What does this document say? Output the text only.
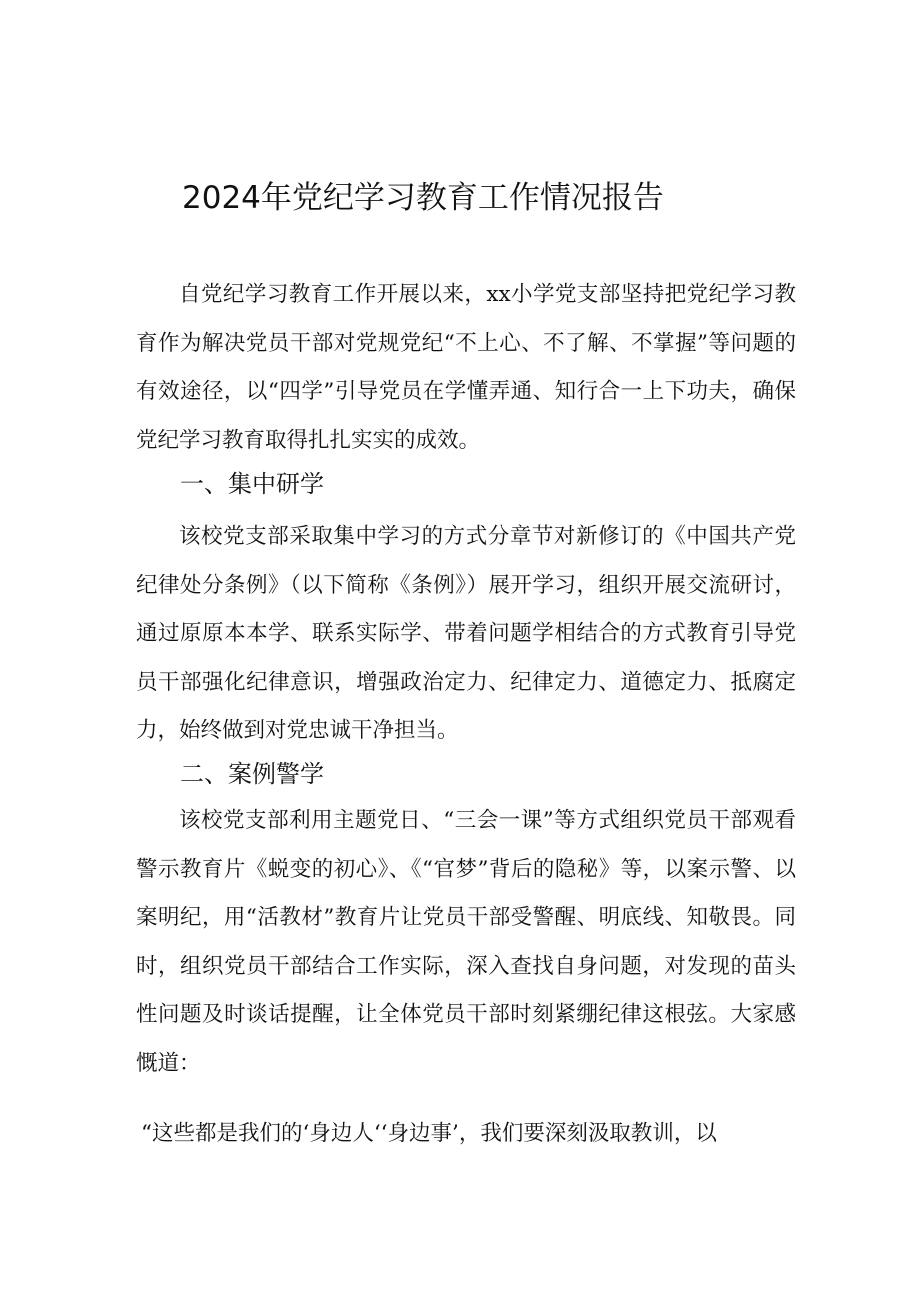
2024年党纪学习教育工作情况报告

自党纪学习教育工作开展以来，xx小学党支部坚持把党纪学习教育作为解决党员干部对党规党纪“不上心、不了解、不掌握”等问题的有效途径，以“四学”引导党员在学懂弄通、知行合一上下功夫，确保党纪学习教育取得扎扎实实的成效。

一、集中研学

该校党支部采取集中学习的方式分章节对新修订的《中国共产党纪律处分条例》（以下简称《条例》）展开学习，组织开展交流研讨，通过原原本本学、联系实际学、带着问题学相结合的方式教育引导党员干部强化纪律意识，增强政治定力、纪律定力、道德定力、抵腐定力，始终做到对党忠诚干净担当。

二、案例警学

该校党支部利用主题党日、“三会一课”等方式组织党员干部观看警示教育片《蜕变的初心》、《“官梦”背后的隐秘》等，以案示警、以案明纪，用“活教材”教育片让党员干部受警醒、明底线、知敬畏。同时，组织党员干部结合工作实际，深入查找自身问题，对发现的苗头性问题及时谈话提醒，让全体党员干部时刻紧绷纪律这根弦。大家感慨道：

“这些都是我们的‘身边人‘‘身边事’，我们要深刻汲取教训，以
